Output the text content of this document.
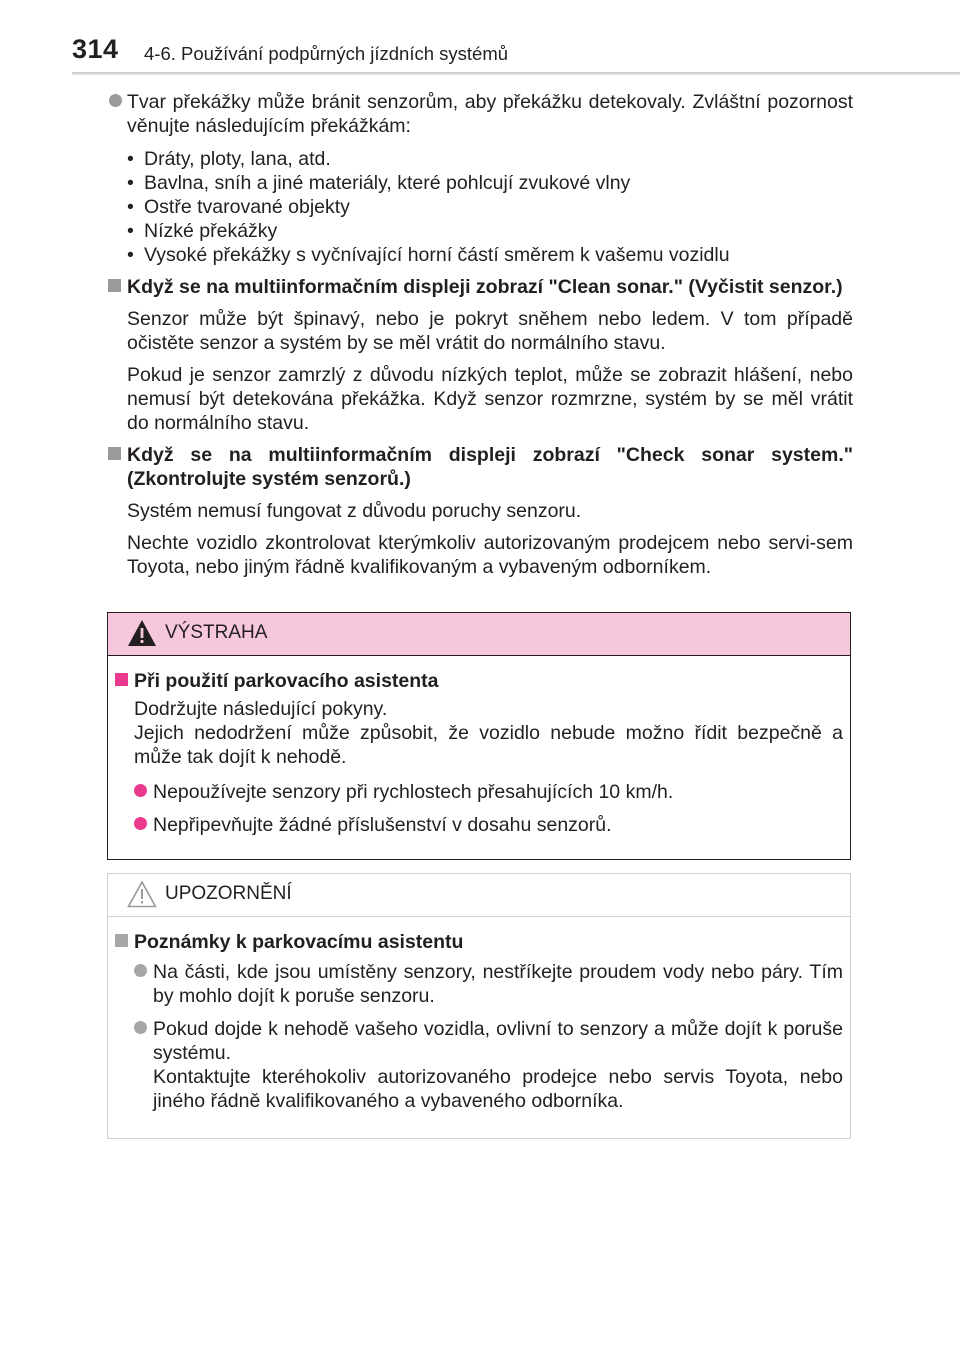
314 4-6. Používání podpůrných jízdních systémů
Tvar překážky může bránit senzorům, aby překážku detekovaly. Zvláštní pozornost věnujte následujícím překážkám:
• Dráty, ploty, lana, atd.
• Bavlna, sníh a jiné materiály, které pohlcují zvukové vlny
• Ostře tvarované objekty
• Nízké překážky
• Vysoké překážky s vyčnívající horní částí směrem k vašemu vozidlu
Když se na multiinformačním displeji zobrazí "Clean sonar." (Vyčistit senzor.)
Senzor může být špinavý, nebo je pokryt sněhem nebo ledem. V tom případě očistěte senzor a systém by se měl vrátit do normálního stavu.
Pokud je senzor zamrzlý z důvodu nízkých teplot, může se zobrazit hlášení, nebo nemusí být detekována překážka. Když senzor rozmrzne, systém by se měl vrátit do normálního stavu.
Když se na multiinformačním displeji zobrazí "Check sonar system." (Zkontrolujte systém senzorů.)
Systém nemusí fungovat z důvodu poruchy senzoru.
Nechte vozidlo zkontrolovat kterýmkoliv autorizovaným prodejcem nebo servi-sem Toyota, nebo jiným řádně kvalifikovaným a vybaveným odborníkem.
VÝSTRAHA
Při použití parkovacího asistenta
Dodržujte následující pokyny.
Jejich nedodržení může způsobit, že vozidlo nebude možno řídit bezpečně a může tak dojít k nehodě.
Nepoužívejte senzory při rychlostech přesahujících 10 km/h.
Nepřipevňujte žádné příslušenství v dosahu senzorů.
UPOZORNĚNÍ
Poznámky k parkovacímu asistentu
Na části, kde jsou umístěny senzory, nestříkejte proudem vody nebo páry. Tím by mohlo dojít k poruše senzoru.
Pokud dojde k nehodě vašeho vozidla, ovlivní to senzory a může dojít k poruše systému.
Kontaktujte kteréhokoliv autorizovaného prodejce nebo servis Toyota, nebo jiného řádně kvalifikovaného a vybaveného odborníka.
